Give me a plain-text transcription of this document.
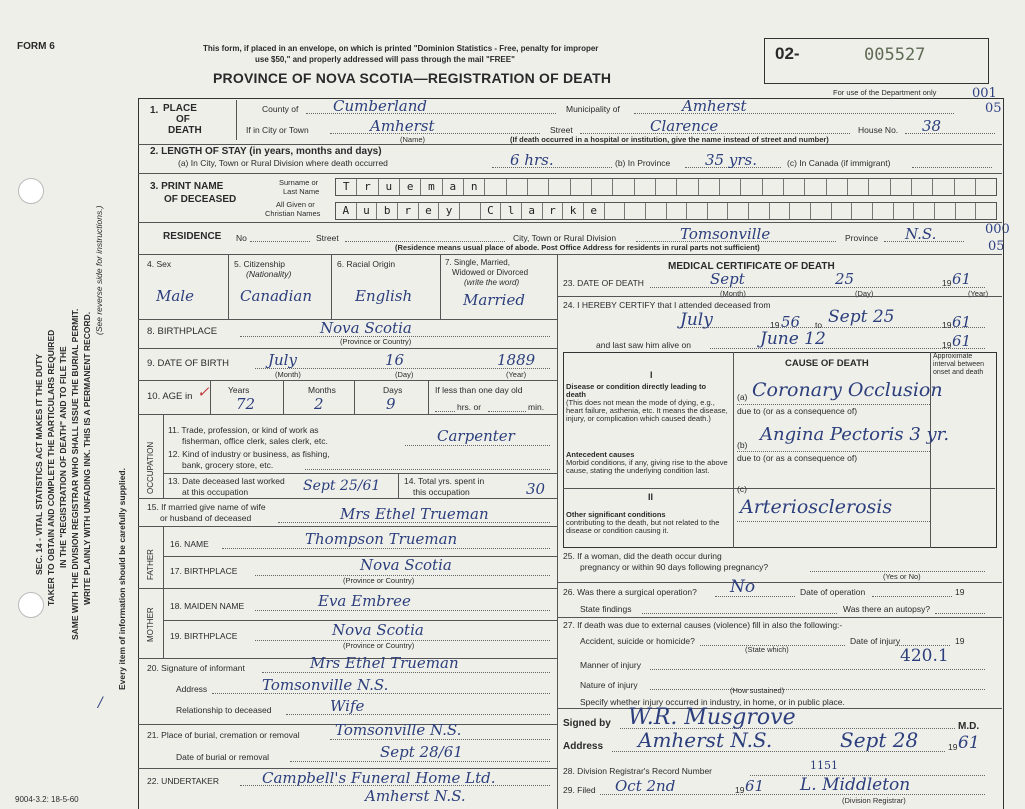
FORM 6	This form, if placed in an envelope, on which is printed "Dominion Statistics - Free, penalty for improper
use $50," and properly addressed will pass through the mail "FREE"
PROVINCE OF NOVA SCOTIA—REGISTRATION OF DEATH
02-	005527
For use of the Department only	001
05
000
05
SEC. 14 - VITAL STATISTICS ACT MAKES IT THE DUTY TAKER TO OBTAIN AND COMPLETE THE PARTICULARS REQUIRED IN THE "REGISTRATION OF DEATH" AND TO FILE THE SAME WITH THE DIVISION REGISTRAR WHO SHALL ISSUE THE BURIAL PERMIT. WRITE PLAINLY WITH UNFADING INK. THIS IS A PERMANENT RECORD.
(See reverse side for instructions.)
Every item of information should be carefully supplied.
/
1. PLACE
OF
DEATH
County of Cumberland	Municipality of	Amherst
If in City or Town	Amherst
(Name)
Street	Clarence	House No. 38
(If death occurred in a hospital or institution, give the name instead of street and number)
2. LENGTH OF STAY (in years, months and days)
(a) In City, Town or Rural Division where death occurred	6 hrs.	(b) In Province 35 yrs.	(c) In Canada (if immigrant)
3. PRINT NAME
OF DECEASED
Surname or
Last Name
All Given or
Christian Names
T	r	u	e	m	a	n
A	u	b	r	e	y	C	l	a	r	k	e
RESIDENCE No	Street	City, Town or Rural Division	Tomsonville	Province N.S.
(Residence means usual place of abode. Post Office Address for residents in rural parts not sufficient)
4. Sex
Male
5. Citizenship
(Nationality)
Canadian
6. Racial Origin
English
7. Single, Married,
Widowed or Divorced
(write the word)
Married
8. BIRTHPLACE	Nova Scotia
(Province or Country)
9. DATE OF BIRTH	July	16	1889
(Month)	(Day)	(Year)
10. AGE in ✓ Years	Months	Days
72	2	9
If less than one day old
hrs. or	min.
OCCUPATION
11. Trade, profession, or kind of work as
fisherman, office clerk, sales clerk, etc.	Carpenter
12. Kind of industry or business, as fishing,
bank, grocery store, etc.
13. Date deceased last worked
at this occupation	Sept 25/61	14. Total yrs. spent in
this occupation	30
15. If married give name of wife
or husband of deceased	Mrs Ethel Trueman
FATHER
MOTHER
16. NAME	Thompson Trueman
17. BIRTHPLACE	Nova Scotia
(Province or Country)
18. MAIDEN NAME	Eva Embree
19. BIRTHPLACE	Nova Scotia
(Province or Country)
20. Signature of informant	Mrs Ethel Trueman
Address	Tomsonville N.S.
Relationship to deceased	Wife
21. Place of burial, cremation or removal Tomsonville N.S.
Date of burial or removal	Sept 28/61
22. UNDERTAKER	Campbell's Funeral Home Ltd.
Amherst N.S.
9004-3.2: 18-5-60
MEDICAL CERTIFICATE OF DEATH
23. DATE OF DEATH	Sept	25	19 61
(Month)	(Day)	(Year)
24. I HEREBY CERTIFY that I attended deceased from
July	19 56 to Sept 25	19 61
and last saw him alive on	June 12	19 61
CAUSE OF DEATH
Approximate interval between onset and death
I
Disease or condition directly leading to death
(This does not mean the mode of dying, e.g., heart failure, asthenia, etc. It means the disease, injury, or complication which caused death.)
(a) Coronary Occlusion
due to (or as a consequence of)
(b) Angina Pectoris 3 yr.
Antecedent causes
Morbid conditions, if any, giving rise to the above cause, stating the underlying condition last.
due to (or as a consequence of)
II
(c)
Other significant conditions
contributing to the death, but not related to the disease or condition causing it.
Arteriosclerosis
25. If a woman, did the death occur during
pregnancy or within 90 days following pregnancy?
(Yes or No)
26. Was there a surgical operation? No	Date of operation	19
State findings	Was there an autopsy?
27. If death was due to external causes (violence) fill in also the following:-
Accident, suicide or homicide?	Date of injury	19
(State which)	420.1
Manner of injury
Nature of injury
(How sustained)
Specify whether injury occurred in industry, in home, or in public place.
Signed by W.R. Musgrove	M.D.
Address Amherst N.S.	Sept 28	19 61
28. Division Registrar's Record Number	1151
29. Filed Oct 2nd	19 61 L. Middleton
(Division Registrar)
